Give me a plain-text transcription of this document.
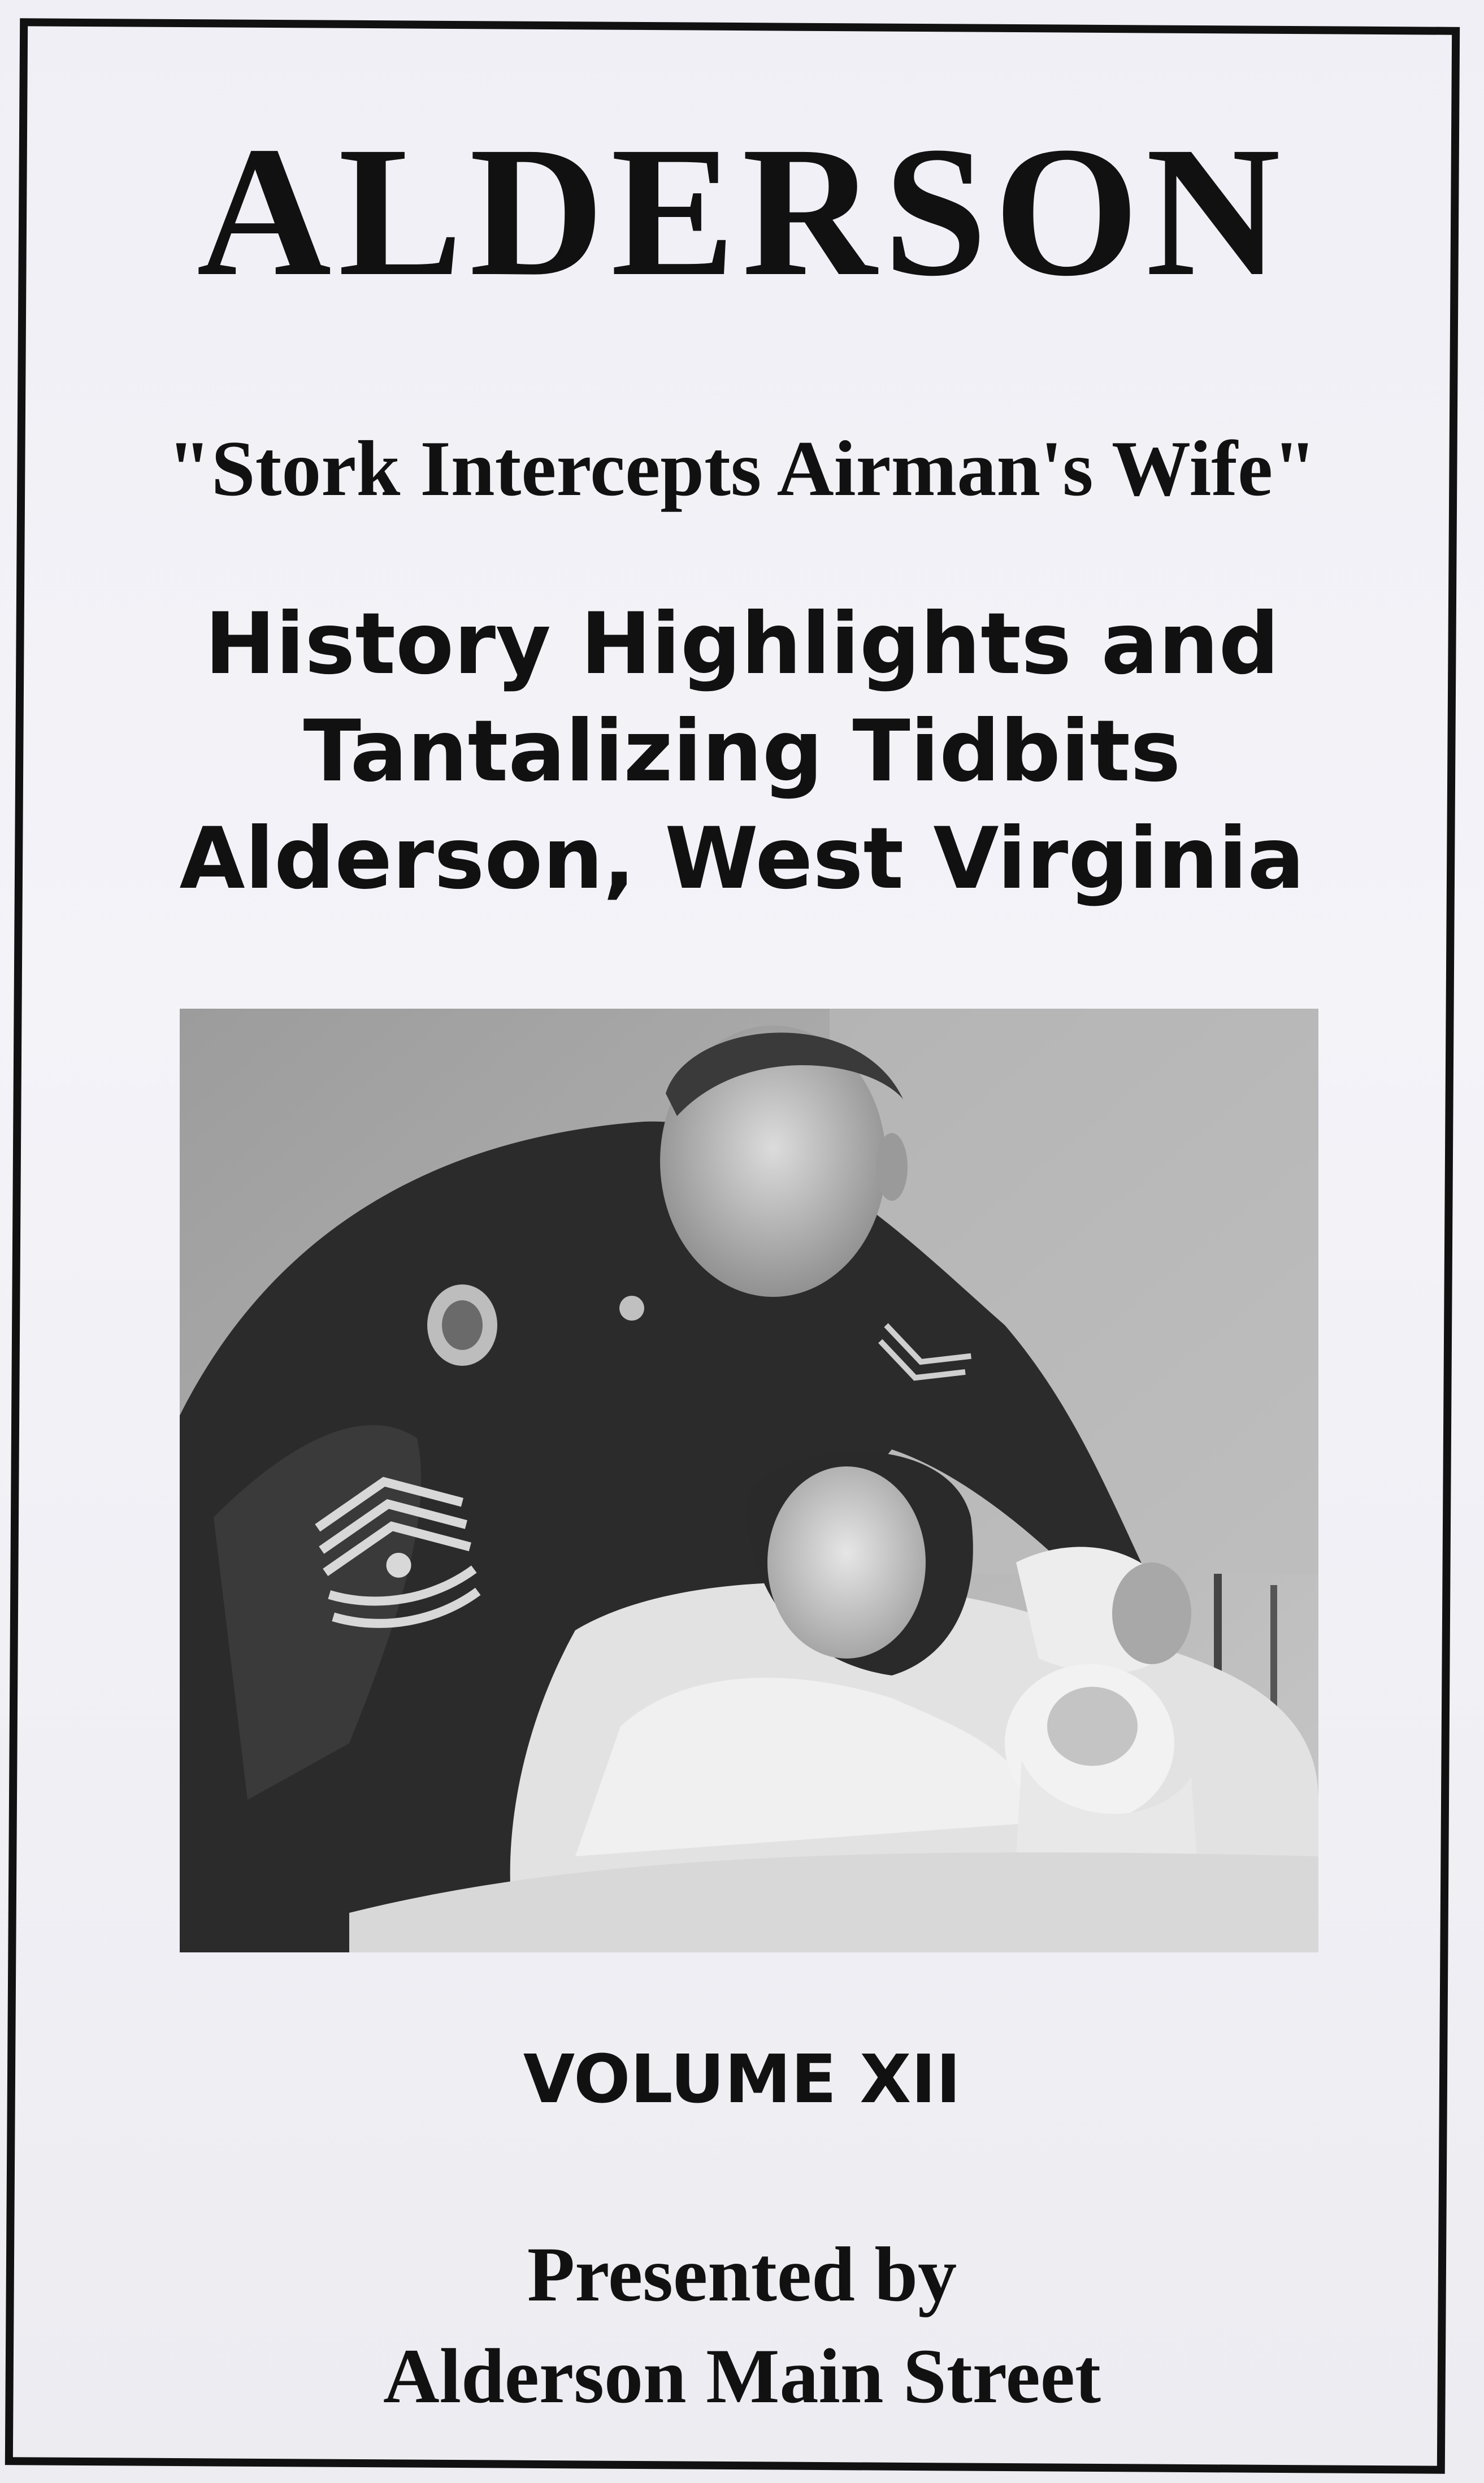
ALDERSON
"Stork Intercepts Airman's Wife"
History Highlights and
Tantalizing Tidbits
Alderson, West Virginia
VOLUME XII
Presented by
Alderson Main Street
